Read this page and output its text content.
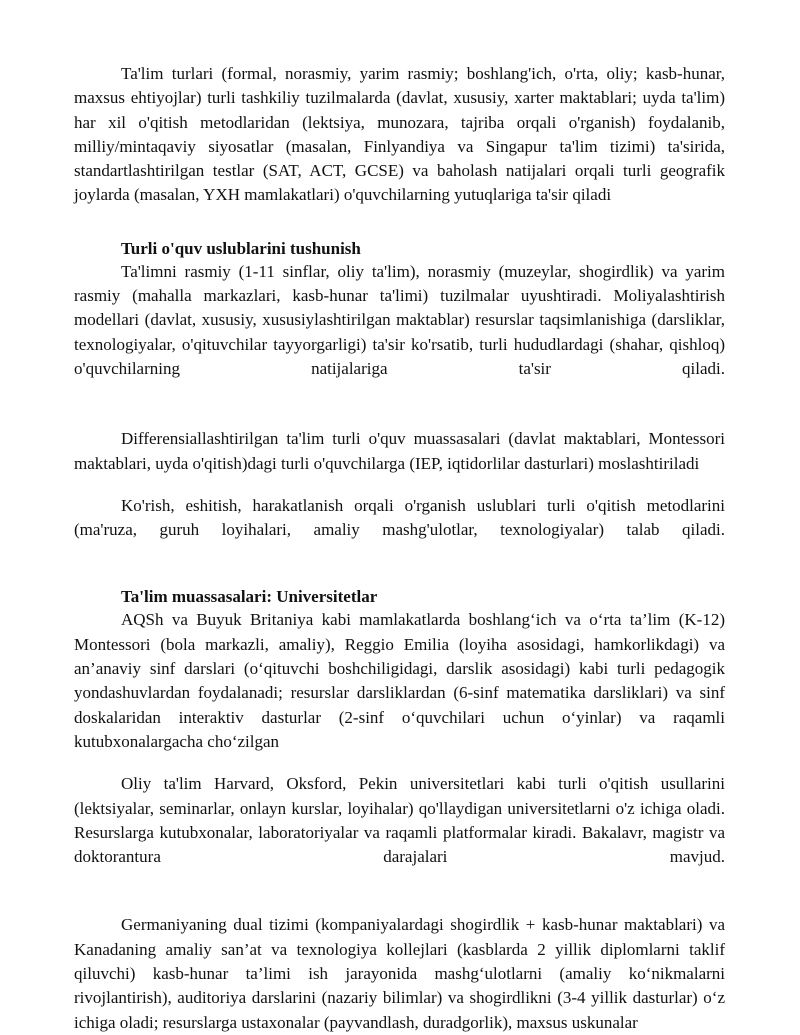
Ta'lim turlari (formal, norasmiy, yarim rasmiy; boshlang'ich, o'rta, oliy; kasb-hunar, maxsus ehtiyojlar) turli tashkiliy tuzilmalarda (davlat, xususiy, xarter maktablari; uyda ta'lim) har xil o'qitish metodlaridan (lektsiya, munozara, tajriba orqali o'rganish) foydalanib, milliy/mintaqaviy siyosatlar (masalan, Finlyandiya va Singapur ta'lim tizimi) ta'sirida, standartlashtirilgan testlar (SAT, ACT, GCSE) va baholash natijalari orqali turli geografik joylarda (masalan, YXH mamlakatlari) o'quvchilarning yutuqlariga ta'sir qiladi

Turli o'quv uslublarini tushunish

Ta'limni rasmiy (1-11 sinflar, oliy ta'lim), norasmiy (muzeylar, shogirdlik) va yarim rasmiy (mahalla markazlari, kasb-hunar ta'limi) tuzilmalar uyushtiradi. Moliyalashtirish modellari (davlat, xususiy, xususiylashtirilgan maktablar) resurslar taqsimlanishiga (darsliklar, texnologiyalar, o'qituvchilar tayyorgarligi) ta'sir ko'rsatib, turli hududlardagi (shahar, qishloq) o'quvchilarning natijalariga ta'sir qiladi.

Differensiallashtirilgan ta'lim turli o'quv muassasalari (davlat maktablari, Montessori maktablari, uyda o'qitish)dagi turli o'quvchilarga (IEP, iqtidorlilar dasturlari) moslashtiriladi

Ko'rish, eshitish, harakatlanish orqali o'rganish uslublari turli o'qitish metodlarini (ma'ruza, guruh loyihalari, amaliy mashg'ulotlar, texnologiyalar) talab qiladi.

Ta'lim muassasalari: Universitetlar

AQSh va Buyuk Britaniya kabi mamlakatlarda boshlang‘ich va o‘rta ta’lim (K-12) Montessori (bola markazli, amaliy), Reggio Emilia (loyiha asosidagi, hamkorlikdagi) va an’anaviy sinf darslari (o‘qituvchi boshchiligidagi, darslik asosidagi) kabi turli pedagogik yondashuvlardan foydalanadi; resurslar darsliklardan (6-sinf matematika darsliklari) va sinf doskalaridan interaktiv dasturlar (2-sinf o‘quvchilari uchun o‘yinlar) va raqamli kutubxonalargacha cho‘zilgan

Oliy ta'lim Harvard, Oksford, Pekin universitetlari kabi turli o'qitish usullarini (lektsiyalar, seminarlar, onlayn kurslar, loyihalar) qo'llaydigan universitetlarni o'z ichiga oladi. Resurslarga kutubxonalar, laboratoriyalar va raqamli platformalar kiradi. Bakalavr, magistr va doktorantura darajalari mavjud.

Germaniyaning dual tizimi (kompaniyalardagi shogirdlik + kasb-hunar maktablari) va Kanadaning amaliy san’at va texnologiya kollejlari (kasblarda 2 yillik diplomlarni taklif qiluvchi) kasb-hunar ta’limi ish jarayonida mashg‘ulotlarni (amaliy ko‘nikmalarni rivojlantirish), auditoriya darslarini (nazariy bilimlar) va shogirdlikni (3-4 yillik dasturlar) o‘z ichiga oladi; resurslarga ustaxonalar (payvandlash, duradgorlik), maxsus uskunalar
